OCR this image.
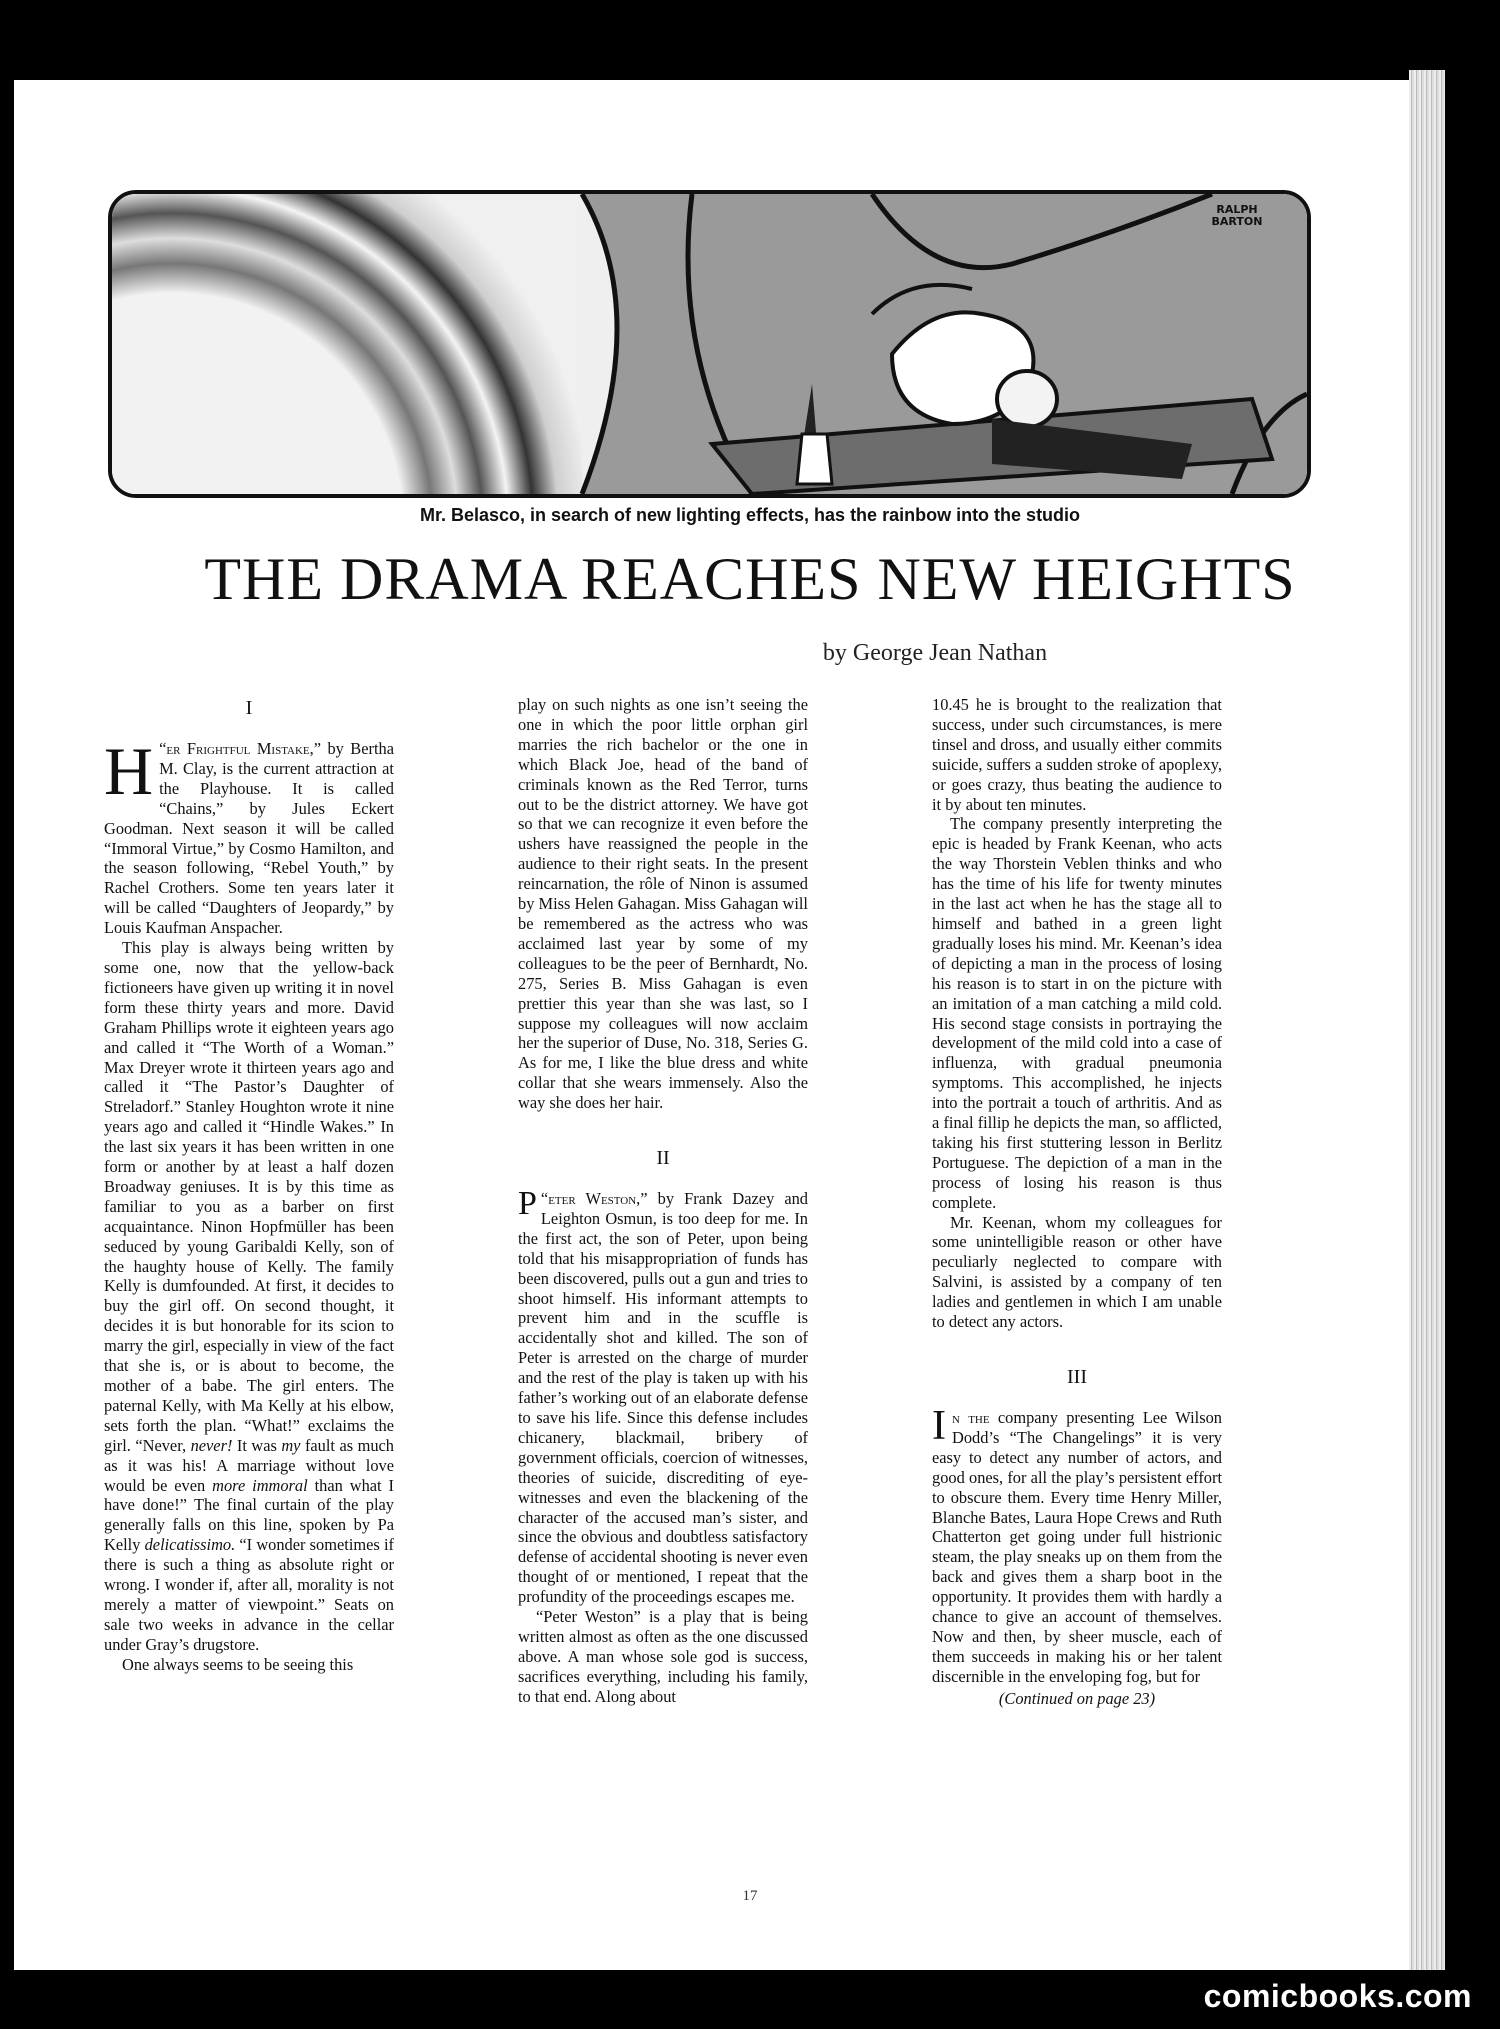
RALPH BARTON
Mr. Belasco, in search of new lighting effects, has the rainbow into the studio
THE DRAMA REACHES NEW HEIGHTS
by George Jean Nathan
I

“
H er Frightful Mistake,” by Bertha M. Clay, is the current attraction at the Playhouse. It is called “Chains,” by Jules Eckert Goodman. Next season it will be called “Immoral Virtue,” by Cosmo Hamilton, and the season following, “Rebel Youth,” by Rachel Crothers. Some ten years later it will be called “Daughters of Jeopardy,” by Louis Kaufman Anspacher.

This play is always being written by some one, now that the yellow-back fictioneers have given up writing it in novel form these thirty years and more. David Graham Phillips wrote it eighteen years ago and called it “The Worth of a Woman.” Max Dreyer wrote it thirteen years ago and called it “The Pastor’s Daughter of Streladorf.” Stanley Houghton wrote it nine years ago and called it “Hindle Wakes.” In the last six years it has been written in one form or another by at least a half dozen Broadway geniuses. It is by this time as familiar to you as a barber on first acquaintance. Ninon Hopfmüller has been seduced by young Garibaldi Kelly, son of the haughty house of Kelly. The family Kelly is dumfounded. At first, it decides to buy the girl off. On second thought, it decides it is but honorable for its scion to marry the girl, especially in view of the fact that she is, or is about to become, the mother of a babe. The girl enters. The paternal Kelly, with Ma Kelly at his elbow, sets forth the plan. “What!” exclaims the girl. “Never, never! It was my fault as much as it was his! A marriage without love would be even more immoral than what I have done!” The final curtain of the play generally falls on this line, spoken by Pa Kelly delicatissimo. “I wonder sometimes if there is such a thing as absolute right or wrong. I wonder if, after all, morality is not merely a matter of viewpoint.” Seats on sale two weeks in advance in the cellar under Gray’s drugstore.

One always seems to be seeing this

play on such nights as one isn’t seeing the one in which the poor little orphan girl marries the rich bachelor or the one in which Black Joe, head of the band of criminals known as the Red Terror, turns out to be the district attorney. We have got so that we can recognize it even before the ushers have reassigned the people in the audience to their right seats. In the present reincarnation, the rôle of Ninon is assumed by Miss Helen Gahagan. Miss Gahagan will be remembered as the actress who was acclaimed last year by some of my colleagues to be the peer of Bernhardt, No. 275, Series B. Miss Gahagan is even prettier this year than she was last, so I suppose my colleagues will now acclaim her the superior of Duse, No. 318, Series G. As for me, I like the blue dress and white collar that she wears immensely. Also the way she does her hair.

II

“
P eter Weston,” by Frank Dazey and Leighton Osmun, is too deep for me. In the first act, the son of Peter, upon being told that his misappropriation of funds has been discovered, pulls out a gun and tries to shoot himself. His informant attempts to prevent him and in the scuffle is accidentally shot and killed. The son of Peter is arrested on the charge of murder and the rest of the play is taken up with his father’s working out of an elaborate defense to save his life. Since this defense includes chicanery, blackmail, bribery of government officials, coercion of witnesses, theories of suicide, discrediting of eye-witnesses and even the blackening of the character of the accused man’s sister, and since the obvious and doubtless satisfactory defense of accidental shooting is never even thought of or mentioned, I repeat that the profundity of the proceedings escapes me.

“Peter Weston” is a play that is being written almost as often as the one discussed above. A man whose sole god is success, sacrifices everything, including his family, to that end. Along about

10.45 he is brought to the realization that success, under such circumstances, is mere tinsel and dross, and usually either commits suicide, suffers a sudden stroke of apoplexy, or goes crazy, thus beating the audience to it by about ten minutes.

The company presently interpreting the epic is headed by Frank Keenan, who acts the way Thorstein Veblen thinks and who has the time of his life for twenty minutes in the last act when he has the stage all to himself and bathed in a green light gradually loses his mind. Mr. Keenan’s idea of depicting a man in the process of losing his reason is to start in on the picture with an imitation of a man catching a mild cold. His second stage consists in portraying the development of the mild cold into a case of influenza, with gradual pneumonia symptoms. This accomplished, he injects into the portrait a touch of arthritis. And as a final fillip he depicts the man, so afflicted, taking his first stuttering lesson in Berlitz Portuguese. The depiction of a man in the process of losing his reason is thus complete.

Mr. Keenan, whom my colleagues for some unintelligible reason or other have peculiarly neglected to compare with Salvini, is assisted by a company of ten ladies and gentlemen in which I am unable to detect any actors.

III

In the company presenting Lee Wilson Dodd’s “The Changelings” it is very easy to detect any number of actors, and good ones, for all the play’s persistent effort to obscure them. Every time Henry Miller, Blanche Bates, Laura Hope Crews and Ruth Chatterton get going under full histrionic steam, the play sneaks up on them from the back and gives them a sharp boot in the opportunity. It provides them with hardly a chance to give an account of themselves. Now and then, by sheer muscle, each of them succeeds in making his or her talent discernible in the enveloping fog, but for

(Continued on page 23)
17
comicbooks.com
